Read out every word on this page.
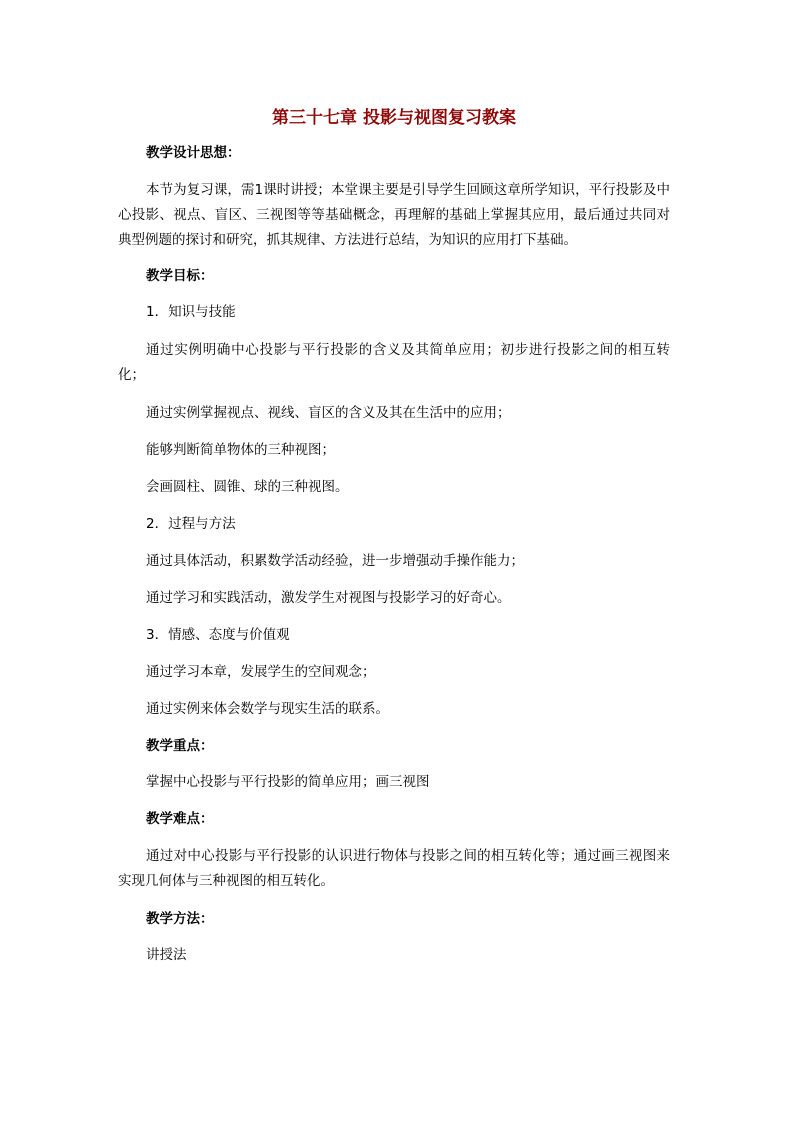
第三十七章 投影与视图复习教案
教学设计思想：
本节为复习课，需1课时讲授；本堂课主要是引导学生回顾这章所学知识，平行投影及中心投影、视点、盲区、三视图等等基础概念，再理解的基础上掌握其应用，最后通过共同对典型例题的探讨和研究，抓其规律、方法进行总结，为知识的应用打下基础。
教学目标：
1．知识与技能
通过实例明确中心投影与平行投影的含义及其简单应用；初步进行投影之间的相互转化；
通过实例掌握视点、视线、盲区的含义及其在生活中的应用；
能够判断简单物体的三种视图；
会画圆柱、圆锥、球的三种视图。
2．过程与方法
通过具体活动，积累数学活动经验，进一步增强动手操作能力；
通过学习和实践活动，激发学生对视图与投影学习的好奇心。
3．情感、态度与价值观
通过学习本章，发展学生的空间观念；
通过实例来体会数学与现实生活的联系。
教学重点：
掌握中心投影与平行投影的简单应用；画三视图
教学难点：
通过对中心投影与平行投影的认识进行物体与投影之间的相互转化等；通过画三视图来实现几何体与三种视图的相互转化。
教学方法：
讲授法
